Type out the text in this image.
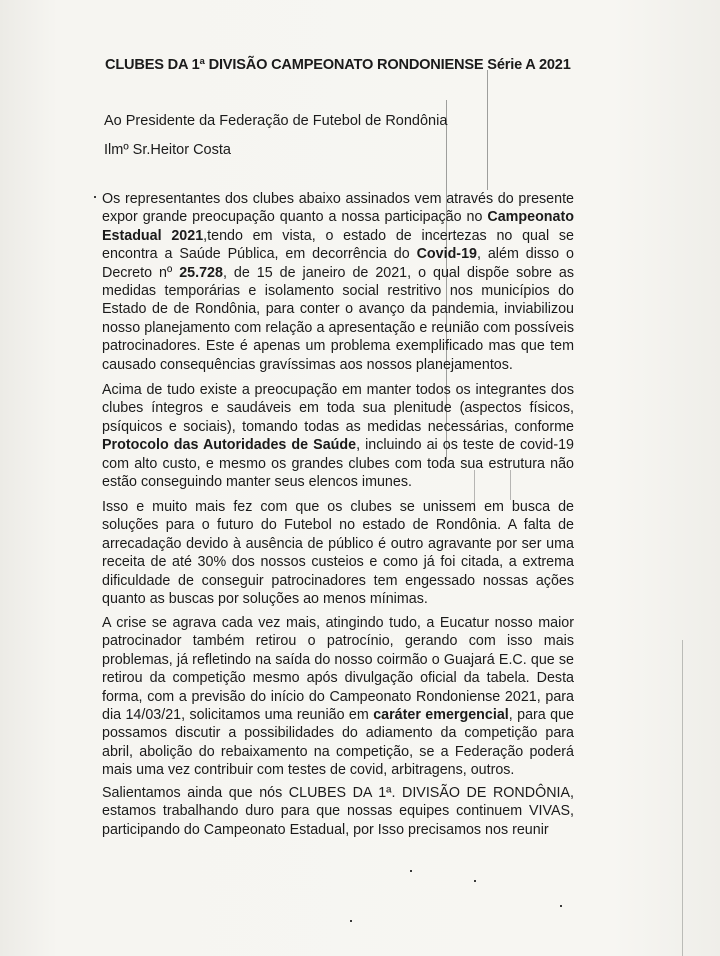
CLUBES DA 1ª DIVISÃO CAMPEONATO RONDONIENSE Série A 2021
Ao Presidente da Federação de Futebol de Rondônia
Ilmº Sr.Heitor Costa
Os representantes dos clubes abaixo assinados vem através do presente expor grande preocupação quanto a nossa participação no Campeonato Estadual 2021,tendo em vista, o estado de incertezas no qual se encontra a Saúde Pública, em decorrência do Covid-19, além disso o Decreto nº 25.728, de 15 de janeiro de 2021, o qual dispõe sobre as medidas temporárias e isolamento social restritivo nos municípios do Estado de de Rondônia, para conter o avanço da pandemia, inviabilizou nosso planejamento com relação a apresentação e reunião com possíveis patrocinadores. Este é apenas um problema exemplificado mas que tem causado consequências gravíssimas aos nossos planejamentos.
Acima de tudo existe a preocupação em manter todos os integrantes dos clubes íntegros e saudáveis em toda sua plenitude (aspectos físicos, psíquicos e sociais), tomando todas as medidas necessárias, conforme Protocolo das Autoridades de Saúde, incluindo ai os teste de covid-19 com alto custo, e mesmo os grandes clubes com toda sua estrutura não estão conseguindo manter seus elencos imunes.
Isso e muito mais fez com que os clubes se unissem em busca de soluções para o futuro do Futebol no estado de Rondônia. A falta de arrecadação devido à ausência de público é outro agravante por ser uma receita de até 30% dos nossos custeios e como já foi citada, a extrema dificuldade de conseguir patrocinadores tem engessado nossas ações quanto as buscas por soluções ao menos mínimas.
A crise se agrava cada vez mais, atingindo tudo, a Eucatur nosso maior patrocinador também retirou o patrocínio, gerando com isso mais problemas, já refletindo na saída do nosso coirmão o Guajará E.C. que se retirou da competição mesmo após divulgação oficial da tabela. Desta forma, com a previsão do início do Campeonato Rondoniense 2021, para dia 14/03/21, solicitamos uma reunião em caráter emergencial, para que possamos discutir a possibilidades do adiamento da competição para abril, abolição do rebaixamento na competição, se a Federação poderá mais uma vez contribuir com testes de covid, arbitragens, outros.
Salientamos ainda que nós CLUBES DA 1ª. DIVISÃO DE RONDÔNIA, estamos trabalhando duro para que nossas equipes continuem VIVAS, participando do Campeonato Estadual, por Isso precisamos nos reunir
